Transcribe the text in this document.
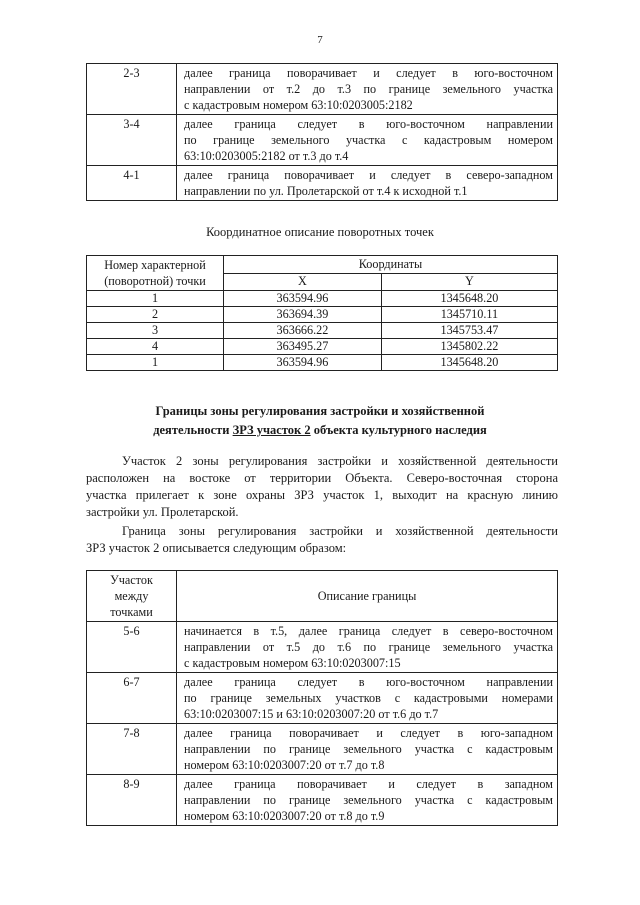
7
2-3	далее граница поворачивает и следует в юго-восточном
направлении от т.2 до т.3 по границе земельного участка
с кадастровым номером 63:10:0203005:2182

3-4	далее граница следует в юго-восточном направлении
по границе земельного участка с кадастровым номером
63:10:0203005:2182 от т.3 до т.4

4-1	далее граница поворачивает и следует в северо-западном
направлении по ул. Пролетарской от т.4 к исходной т.1
Координатное описание поворотных точек
Номер характерной
(поворотной) точки	Координаты	
	X	Y
1	363594.96	1345648.20
2	363694.39	1345710.11
3	363666.22	1345753.47
4	363495.27	1345802.22
1	363594.96	1345648.20
Границы зоны регулирования застройки и хозяйственной
деятельности ЗРЗ участок 2 объекта культурного наследия
Участок 2 зоны регулирования застройки и хозяйственной деятельности
расположен на востоке от территории Объекта. Северо-восточная сторона
участка прилегает к зоне охраны ЗРЗ участок 1, выходит на красную линию
застройки ул. Пролетарской.
Граница зоны регулирования застройки и хозяйственной деятельности
ЗРЗ участок 2 описывается следующим образом:
Участок
между
точками	Описание границы
5-6	начинается в т.5, далее граница следует в северо-восточном
направлении от т.5 до т.6 по границе земельного участка
с кадастровым номером 63:10:0203007:15

6-7	далее граница следует в юго-восточном направлении
по границе земельных участков с кадастровыми номерами
63:10:0203007:15 и 63:10:0203007:20 от т.6 до т.7

7-8	далее граница поворачивает и следует в юго-западном
направлении по границе земельного участка с кадастровым
номером 63:10:0203007:20 от т.7 до т.8

8-9	далее граница поворачивает и следует в западном
направлении по границе земельного участка с кадастровым
номером 63:10:0203007:20 от т.8 до т.9
